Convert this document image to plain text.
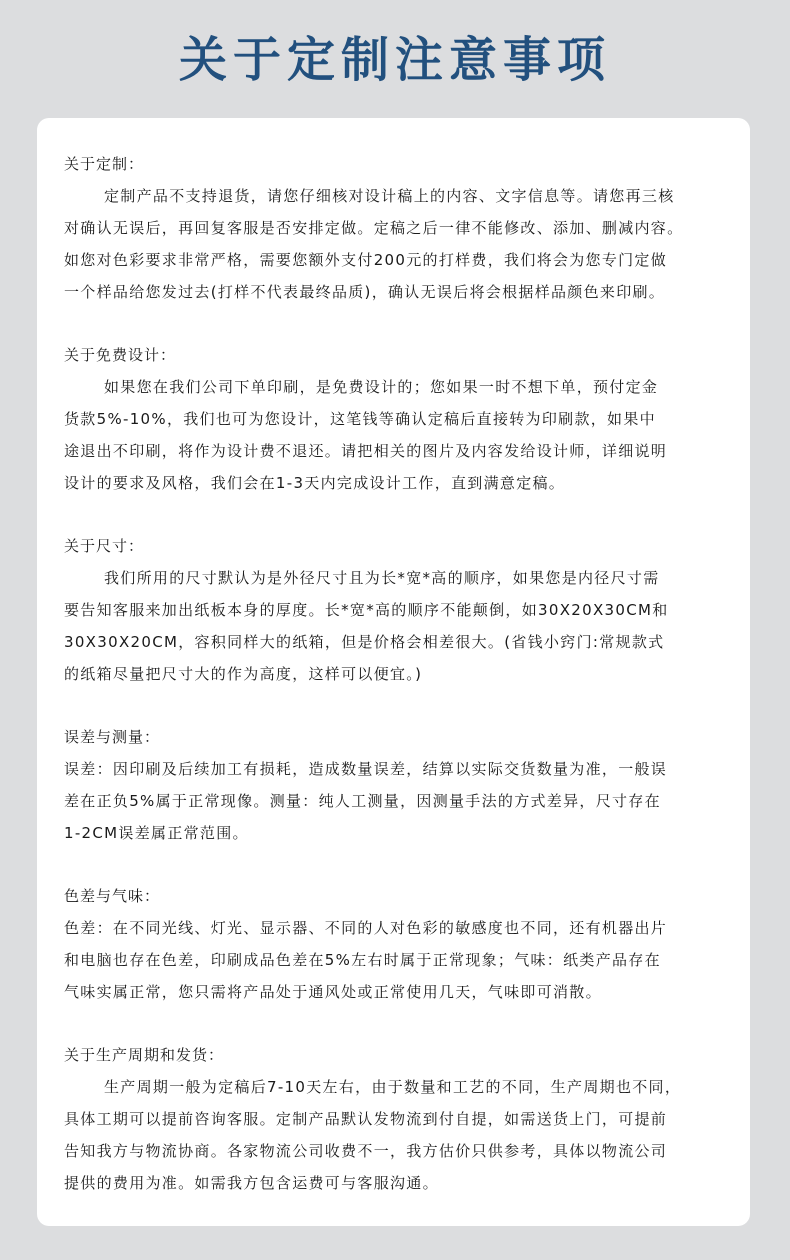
关于定制注意事项
关于定制：
定制产品不支持退货，请您仔细核对设计稿上的内容、文字信息等。请您再三核
对确认无误后，再回复客服是否安排定做。定稿之后一律不能修改、添加、删减内容。
如您对色彩要求非常严格，需要您额外支付200元的打样费，我们将会为您专门定做
一个样品给您发过去(打样不代表最终品质)，确认无误后将会根据样品颜色来印刷。
关于免费设计：
如果您在我们公司下单印刷，是免费设计的；您如果一时不想下单，预付定金
货款5%-10%，我们也可为您设计，这笔钱等确认定稿后直接转为印刷款，如果中
途退出不印刷，将作为设计费不退还。请把相关的图片及内容发给设计师，详细说明
设计的要求及风格，我们会在1-3天内完成设计工作，直到满意定稿。
关于尺寸：
我们所用的尺寸默认为是外径尺寸且为长*宽*高的顺序，如果您是内径尺寸需
要告知客服来加出纸板本身的厚度。长*宽*高的顺序不能颠倒，如30X20X30CM和
30X30X20CM，容积同样大的纸箱，但是价格会相差很大。(省钱小窍门:常规款式
的纸箱尽量把尺寸大的作为高度，这样可以便宜。)
误差与测量：
误差：因印刷及后续加工有损耗，造成数量误差，结算以实际交货数量为准，一般误
差在正负5%属于正常现像。测量：纯人工测量，因测量手法的方式差异，尺寸存在
1-2CM误差属正常范围。
色差与气味：
色差：在不同光线、灯光、显示器、不同的人对色彩的敏感度也不同，还有机器出片
和电脑也存在色差，印刷成品色差在5%左右时属于正常现象；气味：纸类产品存在
气味实属正常，您只需将产品处于通风处或正常使用几天，气味即可消散。
关于生产周期和发货：
生产周期一般为定稿后7-10天左右，由于数量和工艺的不同，生产周期也不同，
具体工期可以提前咨询客服。定制产品默认发物流到付自提，如需送货上门，可提前
告知我方与物流协商。各家物流公司收费不一，我方估价只供参考，具体以物流公司
提供的费用为准。如需我方包含运费可与客服沟通。
